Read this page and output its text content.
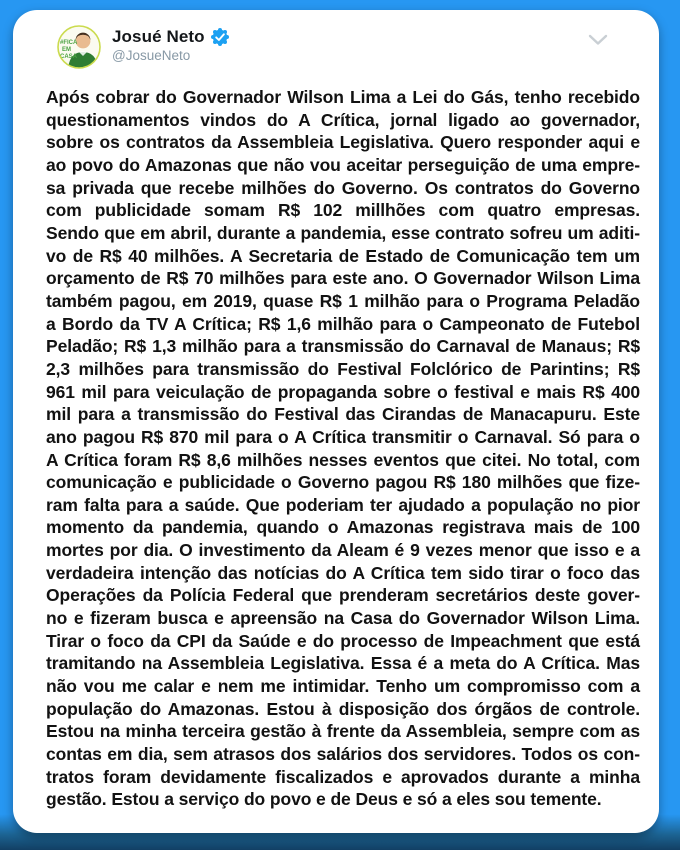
#FICA
EM
CASA
Josué Neto
@JosueNeto
Após cobrar do Governador Wilson Lima a Lei do Gás, tenho recebido
questionamentos vindos do A Crítica, jornal ligado ao governador,
sobre os contratos da Assembleia Legislativa. Quero responder aqui e
ao povo do Amazonas que não vou aceitar perseguição de uma empre-
sa privada que recebe milhões do Governo. Os contratos do Governo
com publicidade somam R$ 102 millhões com quatro empresas.
Sendo que em abril, durante a pandemia, esse contrato sofreu um aditi-
vo de R$ 40 milhões. A Secretaria de Estado de Comunicação tem um
orçamento de R$ 70 milhões para este ano. O Governador Wilson Lima
também pagou, em 2019, quase R$ 1 milhão para o Programa Peladão
a Bordo da TV A Crítica; R$ 1,6 milhão para o Campeonato de Futebol
Peladão; R$ 1,3 milhão para a transmissão do Carnaval de Manaus; R$
2,3 milhões para transmissão do Festival Folclórico de Parintins; R$
961 mil para veiculação de propaganda sobre o festival e mais R$ 400
mil para a transmissão do Festival das Cirandas de Manacapuru. Este
ano pagou R$ 870 mil para o A Crítica transmitir o Carnaval. Só para o
A Crítica foram R$ 8,6 milhões nesses eventos que citei. No total, com
comunicação e publicidade o Governo pagou R$ 180 milhões que fize-
ram falta para a saúde. Que poderiam ter ajudado a população no pior
momento da pandemia, quando o Amazonas registrava mais de 100
mortes por dia. O investimento da Aleam é 9 vezes menor que isso e a
verdadeira intenção das notícias do A Crítica tem sido tirar o foco das
Operações da Polícia Federal que prenderam secretários deste gover-
no e fizeram busca e apreensão na Casa do Governador Wilson Lima.
Tirar o foco da CPI da Saúde e do processo de Impeachment que está
tramitando na Assembleia Legislativa. Essa é a meta do A Crítica. Mas
não vou me calar e nem me intimidar. Tenho um compromisso com a
população do Amazonas. Estou à disposição dos órgãos de controle.
Estou na minha terceira gestão à frente da Assembleia, sempre com as
contas em dia, sem atrasos dos salários dos servidores. Todos os con-
tratos foram devidamente fiscalizados e aprovados durante a minha
gestão. Estou a serviço do povo e de Deus e só a eles sou temente.
